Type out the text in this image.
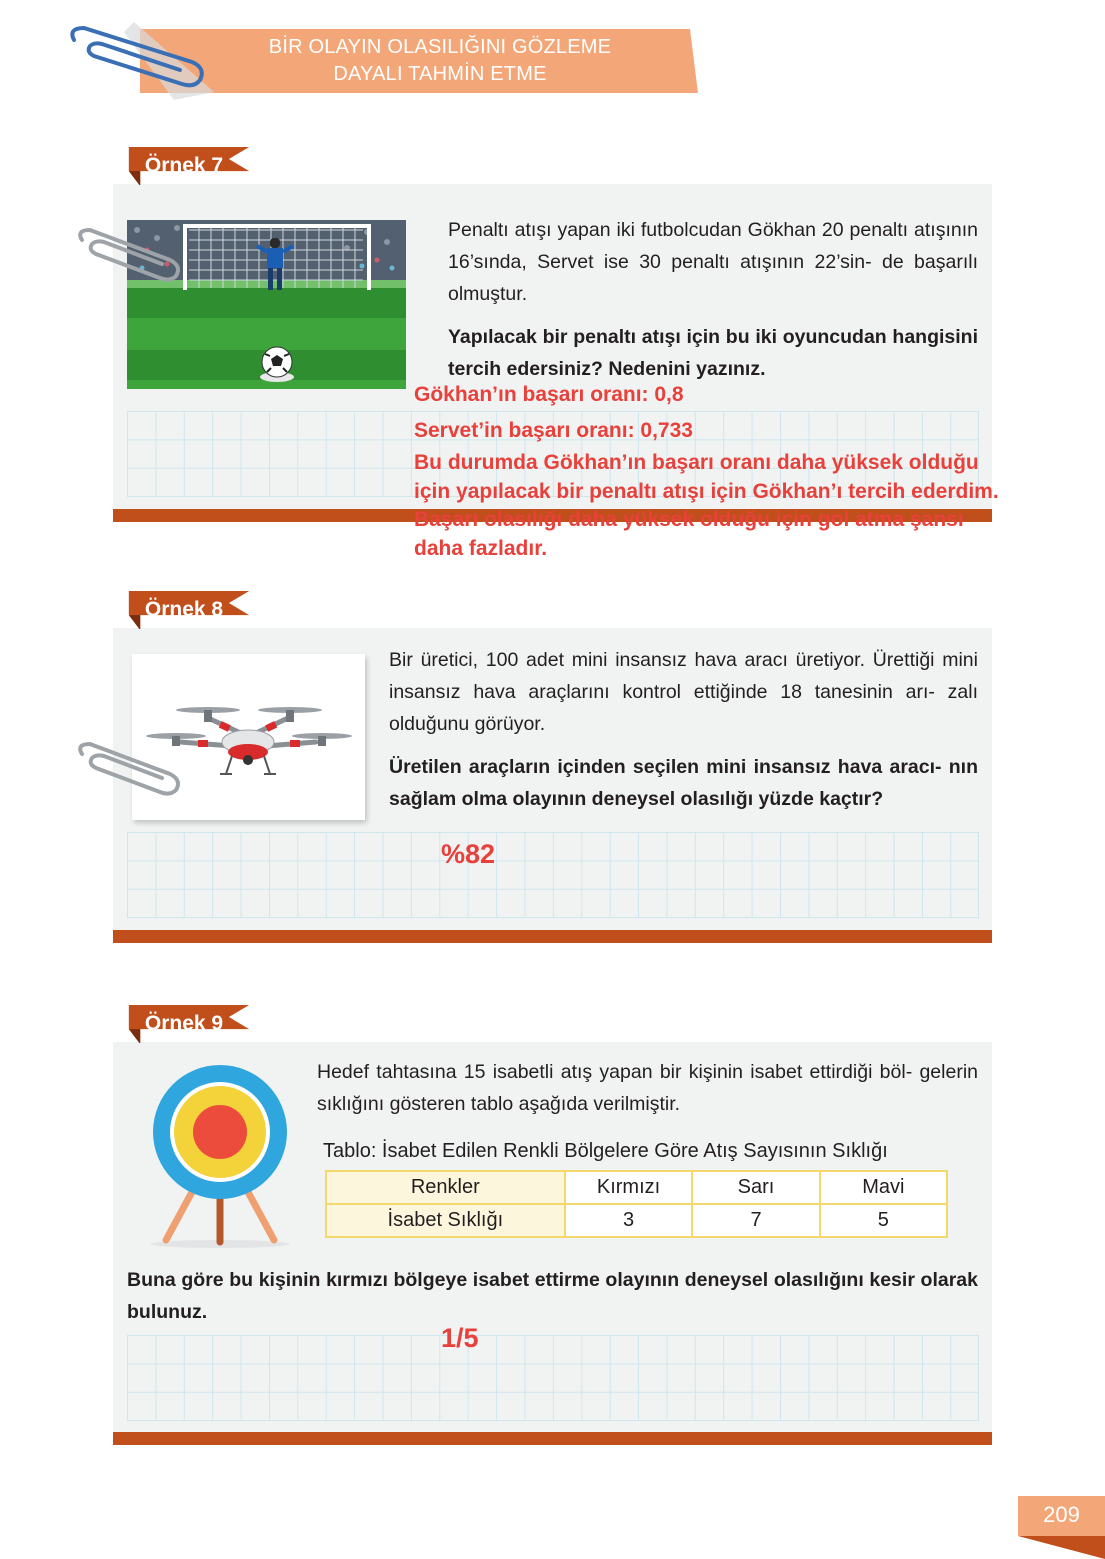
BİR OLAYIN OLASILIĞINI GÖZLEME
DAYALI TAHMİN ETME
Örnek 7
Penaltı atışı yapan iki futbolcudan Gökhan 20 penaltı atışının 16’sında, Servet ise 30 penaltı atışının 22’sin- de başarılı olmuştur.
Yapılacak bir penaltı atışı için bu iki oyuncudan hangisini tercih edersiniz? Nedenini yazınız.
Gökhan’ın başarı oranı: 0,8
Servet’in başarı oranı: 0,733
Bu durumda Gökhan’ın başarı oranı daha yüksek olduğu
için yapılacak bir penaltı atışı için Gökhan’ı tercih ederdim.
Başarı olasılığı daha yüksek olduğu için gol atma şansı
daha fazladır.
Örnek 8
Bir üretici, 100 adet mini insansız hava aracı üretiyor. Ürettiği mini insansız hava araçlarını kontrol ettiğinde 18 tanesinin arı- zalı olduğunu görüyor.
Üretilen araçların içinden seçilen mini insansız hava aracı- nın sağlam olma olayının deneysel olasılığı yüzde kaçtır?
%82
Örnek 9
Hedef tahtasına 15 isabetli atış yapan bir kişinin isabet ettirdiği böl- gelerin sıklığını gösteren tablo aşağıda verilmiştir.
Tablo: İsabet Edilen Renkli Bölgelere Göre Atış Sayısının Sıklığı
Renkler	Kırmızı	Sarı	Mavi
İsabet Sıklığı	3	7	5
Buna göre bu kişinin kırmızı bölgeye isabet ettirme olayının deneysel olasılığını kesir olarak bulunuz.
1/5
209
